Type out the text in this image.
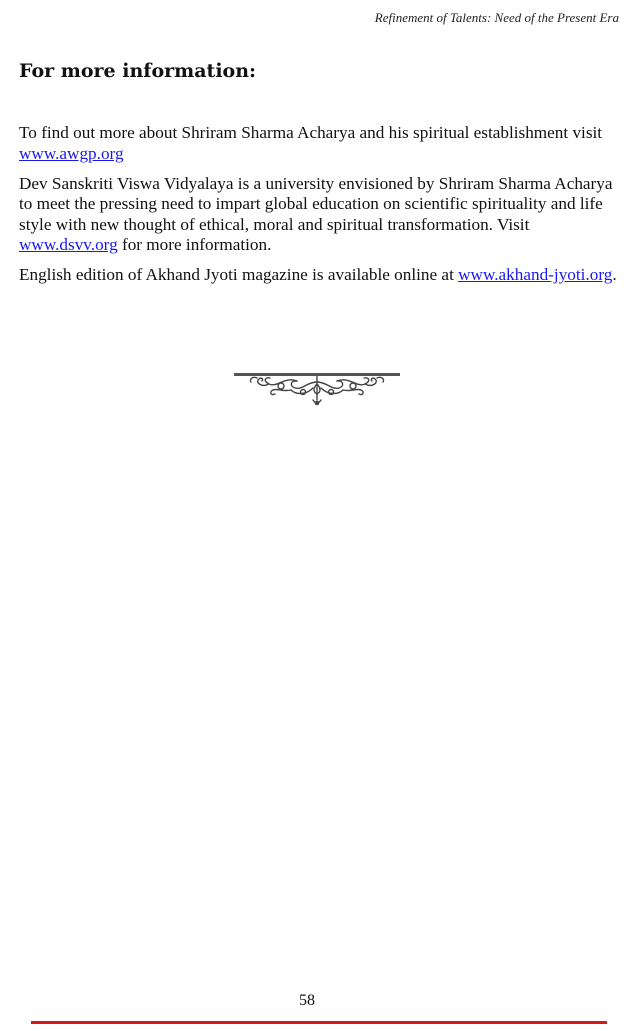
Refinement of Talents: Need of the Present Era
For more information:

To find out more about Shriram Sharma Acharya and his spiritual establishment visit www.awgp.org

Dev Sanskriti Viswa Vidyalaya is a university envisioned by Shriram Sharma Acharya to meet the pressing need to impart global education on scientific spirituality and life style with new thought of ethical, moral and spiritual transformation. Visit www.dsvv.org for more information.

English edition of Akhand Jyoti magazine is available online at www.akhand-jyoti.org.

58
